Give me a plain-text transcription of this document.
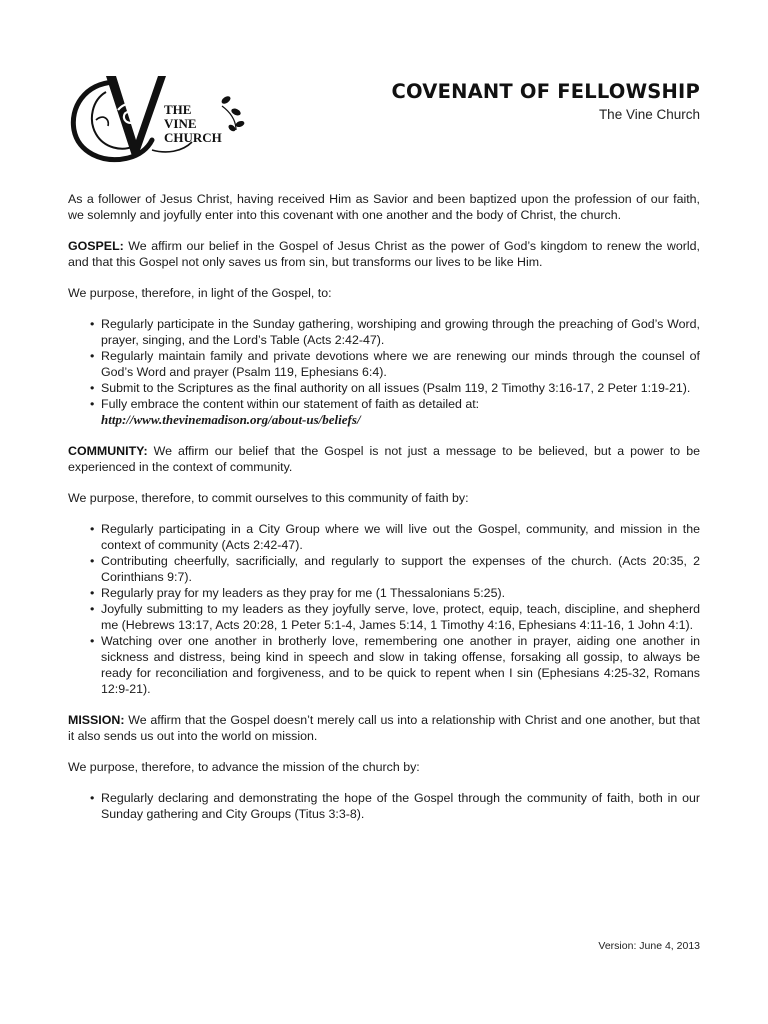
THE
VINE
CHURCH
COVENANT OF FELLOWSHIP
The Vine Church

As a follower of Jesus Christ, having received Him as Savior and been baptized upon the profession of our faith, we solemnly and joyfully enter into this covenant with one another and the body of Christ, the church.

GOSPEL: We affirm our belief in the Gospel of Jesus Christ as the power of God’s kingdom to renew the world, and that this Gospel not only saves us from sin, but transforms our lives to be like Him.

We purpose, therefore, in light of the Gospel, to:

• Regularly participate in the Sunday gathering, worshiping and growing through the preaching of God’s Word, prayer, singing, and the Lord’s Table (Acts 2:42-47).
• Regularly maintain family and private devotions where we are renewing our minds through the counsel of God’s Word and prayer (Psalm 119, Ephesians 6:4).
• Submit to the Scriptures as the final authority on all issues (Psalm 119, 2 Timothy 3:16-17, 2 Peter 1:19-21).
• Fully embrace the content within our statement of faith as detailed at:
http://www.thevinemadison.org/about-us/beliefs/

COMMUNITY: We affirm our belief that the Gospel is not just a message to be believed, but a power to be experienced in the context of community.

We purpose, therefore, to commit ourselves to this community of faith by:

• Regularly participating in a City Group where we will live out the Gospel, community, and mission in the context of community (Acts 2:42-47).
• Contributing cheerfully, sacrificially, and regularly to support the expenses of the church. (Acts 20:35, 2 Corinthians 9:7).
• Regularly pray for my leaders as they pray for me (1 Thessalonians 5:25).
• Joyfully submitting to my leaders as they joyfully serve, love, protect, equip, teach, discipline, and shepherd me (Hebrews 13:17, Acts 20:28, 1 Peter 5:1-4, James 5:14, 1 Timothy 4:16, Ephesians 4:11-16, 1 John 4:1).
• Watching over one another in brotherly love, remembering one another in prayer, aiding one another in sickness and distress, being kind in speech and slow in taking offense, forsaking all gossip, to always be ready for reconciliation and forgiveness, and to be quick to repent when I sin (Ephesians 4:25-32, Romans 12:9-21).

MISSION: We affirm that the Gospel doesn’t merely call us into a relationship with Christ and one another, but that it also sends us out into the world on mission.

We purpose, therefore, to advance the mission of the church by:

• Regularly declaring and demonstrating the hope of the Gospel through the community of faith, both in our Sunday gathering and City Groups (Titus 3:3-8).
Version: June 4, 2013
